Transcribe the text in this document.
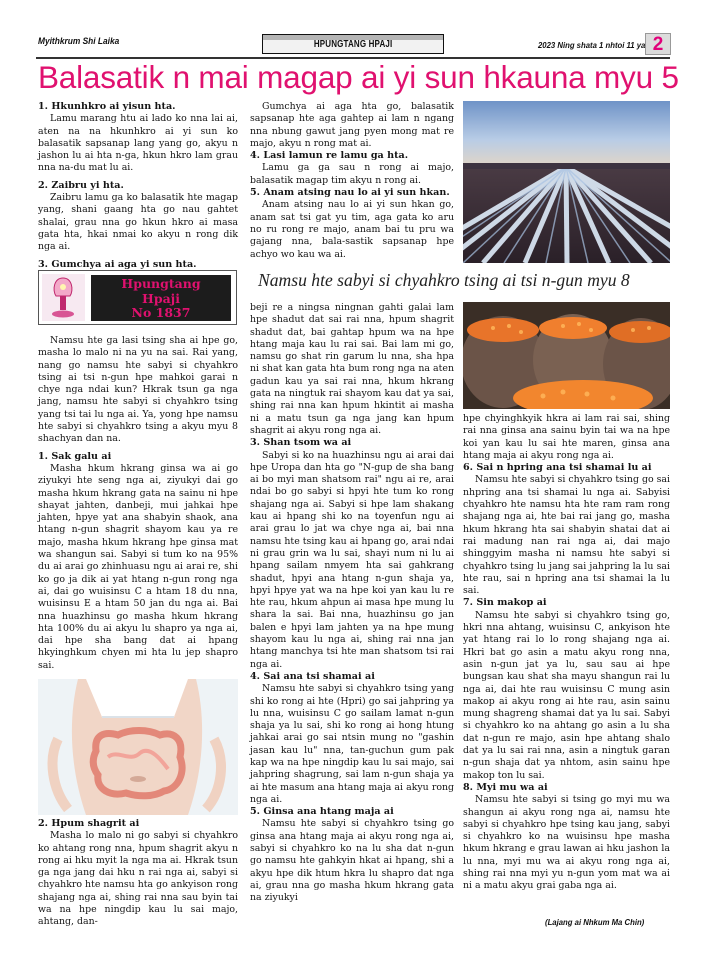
Myithkrum Shi Laika	HPUNGTANG HPAJI	2023 Ning shata 1 nhtoi 11 ya 2
Balasatik n mai magap ai yi sun hkauna myu 5
1. Hkunhkro ai yisun hta.

Lamu marang htu ai lado ko nna lai ai, aten na na hkunhkro ai yi sun ko balasatik sapsanap lang yang go, akyu n jashon lu ai hta n-ga, hkun hkro lam grau nna na-du mat lu ai.

2. Zaibru yi hta.

Zaibru lamu ga ko balasatik hte magap yang, shani gaang hta go nau gahtet shalai, grau nna go hkun hkro ai masa gata hta, hkai nmai ko akyu n rong dik nga ai.

3. Gumchya ai aga yi sun hta.

Gumchya ai aga hta go, balasatik sapsanap hte aga gahtep ai lam n ngang nna nbung gawut jang pyen mong mat re majo, akyu n rong mat ai.

4. Lasi lamun re lamu ga hta.

Lamu ga ga sau n rong ai majo, balasatik magap tim akyu n rong ai.

5. Anam atsing nau lo ai yi sun hkan.

Anam atsing nau lo ai yi sun hkan go, anam sat tsi gat yu tim, aga gata ko aru no ru rong re majo, anam bai tu pru wa gajang nna, bala-sastik sapsanap hpe achyo wo kau wa ai.

Hpungtang
Hpaji
No 1837
Namsu hte sabyi si chyahkro tsing ai tsi n-gun myu 8

Namsu hte ga lasi tsing sha ai hpe go, masha lo malo ni na yu na sai. Rai yang, nang go namsu hte sabyi si chyahkro tsing ai tsi n-gun hpe mahkoi garai n chye nga ndai kun? Hkrak tsun ga nga jang, namsu hte sabyi si chyahkro tsing yang tsi tai lu nga ai. Ya, yong hpe namsu hte sabyi si chyahkro tsing a akyu myu 8 shachyan dan na.

1. Sak galu ai

Masha hkum hkrang ginsa wa ai go ziyukyi hte seng nga ai, ziyukyi dai go masha hkum hkrang gata na sainu ni hpe shayat jahten, danbeji, mui jahkai hpe jahten, hpye yat ana shabyin shaok, ana htang n-gun shagrit shayom kau ya re majo, masha hkum hkrang hpe ginsa mat wa shangun sai. Sabyi si tum ko na 95% du ai arai go zhinhuasu ngu ai arai re, shi ko go ja dik ai yat htang n-gun rong nga ai, dai go wuisinsu C a htam 18 du nna, wuisinsu E a htam 50 jan du nga ai. Bai nna huazhinsu go masha hkum hkrang hta 100% du ai akyu lu shapro ya nga ai, dai hpe sha bang dat ai hpang hkyinghkum chyen mi hta lu jep shapro sai.

2. Hpum shagrit ai

Masha lo malo ni go sabyi si chyahkro ko ahtang rong nna, hpum shagrit akyu n rong ai hku myit la nga ma ai. Hkrak tsun ga nga jang dai hku n rai nga ai, sabyi si chyahkro hte namsu hta go ankyison rong shajang nga ai, shing rai nna sau byin tai wa na hpe ningdip kau lu sai majo, ahtang, dan-

beji re a ningsa ningnan gahti galai lam hpe shadut dat sai rai nna, hpum shagrit shadut dat, bai gahtap hpum wa na hpe htang maja kau lu rai sai. Bai lam mi go, namsu go shat rin garum lu nna, sha hpa ni shat kan gata hta bum rong nga na aten gadun kau ya sai rai nna, hkum hkrang gata na ningtuk rai shayom kau dat ya sai, shing rai nna kan hpum hkintit ai masha ni a matu tsun ga nga jang kan hpum shagrit ai akyu rong nga ai.

3. Shan tsom wa ai

Sabyi si ko na huazhinsu ngu ai arai dai hpe Uropa dan hta go "N-gup de sha bang ai bo myi man shatsom rai" ngu ai re, arai ndai bo go sabyi si hpyi hte tum ko rong shajang nga ai. Sabyi si hpe lam shakang kau ai hpang shi ko na toyenfun ngu ai arai grau lo jat wa chye nga ai, bai nna namsu hte tsing kau ai hpang go, arai ndai ni grau grin wa lu sai, shayi num ni lu ai hpang sailam nmyem hta sai gahkrang shadut, hpyi ana htang n-gun shaja ya, hpyi hpye yat wa na hpe koi yan kau lu re hte rau, hkum ahpun ai masa hpe mung lu shara la sai. Bai nna, huazhinsu go jan balen e hpyi lam jahten ya na hpe mung shayom kau lu nga ai, shing rai nna jan htang manchya tsi hte man shatsom tsi rai nga ai.

4. Sai ana tsi shamai ai

Namsu hte sabyi si chyahkro tsing yang shi ko rong ai hte (Hpri) go sai jahpring ya lu nna, wuisinsu C go sailam lamat n-gun shaja ya lu sai, shi ko rong ai hong htung jahkai arai go sai ntsin mung no "gashin jasan kau lu" nna, tan-guchun gum pak kap wa na hpe ningdip kau lu sai majo, sai jahpring shagrung, sai lam n-gun shaja ya ai hte masum ana htang maja ai akyu rong nga ai.

5. Ginsa ana htang maja ai

Namsu hte sabyi si chyahkro tsing go ginsa ana htang maja ai akyu rong nga ai, sabyi si chyahkro ko na lu sha dat n-gun go namsu hte gahkyin hkat ai hpang, shi a akyu hpe dik htum hkra lu shapro dat nga ai, grau nna go masha hkum hkrang gata na ziyukyi

hpe chyinghkyik hkra ai lam rai sai, shing rai nna ginsa ana sainu byin tai wa na hpe koi yan kau lu sai hte maren, ginsa ana htang maja ai akyu rong nga ai.

6. Sai n hpring ana tsi shamai lu ai

Namsu hte sabyi si chyahkro tsing go sai nhpring ana tsi shamai lu nga ai. Sabyisi chyahkro hte namsu hta hte ram ram rong shajang nga ai, hte bai rai jang go, masha hkum hkrang hta sai shabyin shatai dat ai rai madung nan rai nga ai, dai majo shinggyim masha ni namsu hte sabyi si chyahkro tsing lu jang sai jahpring la lu sai hte rau, sai n hpring ana tsi shamai la lu sai.

7. Sin makop ai

Namsu hte sabyi si chyahkro tsing go, hkri nna ahtang, wuisinsu C, ankyison hte yat htang rai lo lo rong shajang nga ai. Hkri bat go asin a matu akyu rong nna, asin n-gun jat ya lu, sau sau ai hpe bungsan kau shat sha mayu shangun rai lu nga ai, dai hte rau wuisinsu C mung asin makop ai akyu rong ai hte rau, asin sainu mung shagreng shamai dat ya lu sai. Sabyi si chyahkro ko na ahtang go asin a lu sha dat n-gun re majo, asin hpe ahtang shalo dat ya lu sai rai nna, asin a ningtuk garan n-gun shaja dat ya nhtom, asin sainu hpe makop ton lu sai.

8. Myi mu wa ai

Namsu hte sabyi si tsing go myi mu wa shangun ai akyu rong nga ai, namsu hte sabyi si chyahkro hpe tsing kau jang, sabyi si chyahkro ko na wuisinsu hpe masha hkum hkrang e grau lawan ai hku jashon la lu nna, myi mu wa ai akyu rong nga ai, shing rai nna myi yu n-gun yom mat wa ai ni a matu akyu grai gaba nga ai.

(Lajang ai Nhkum Ma Chin)
